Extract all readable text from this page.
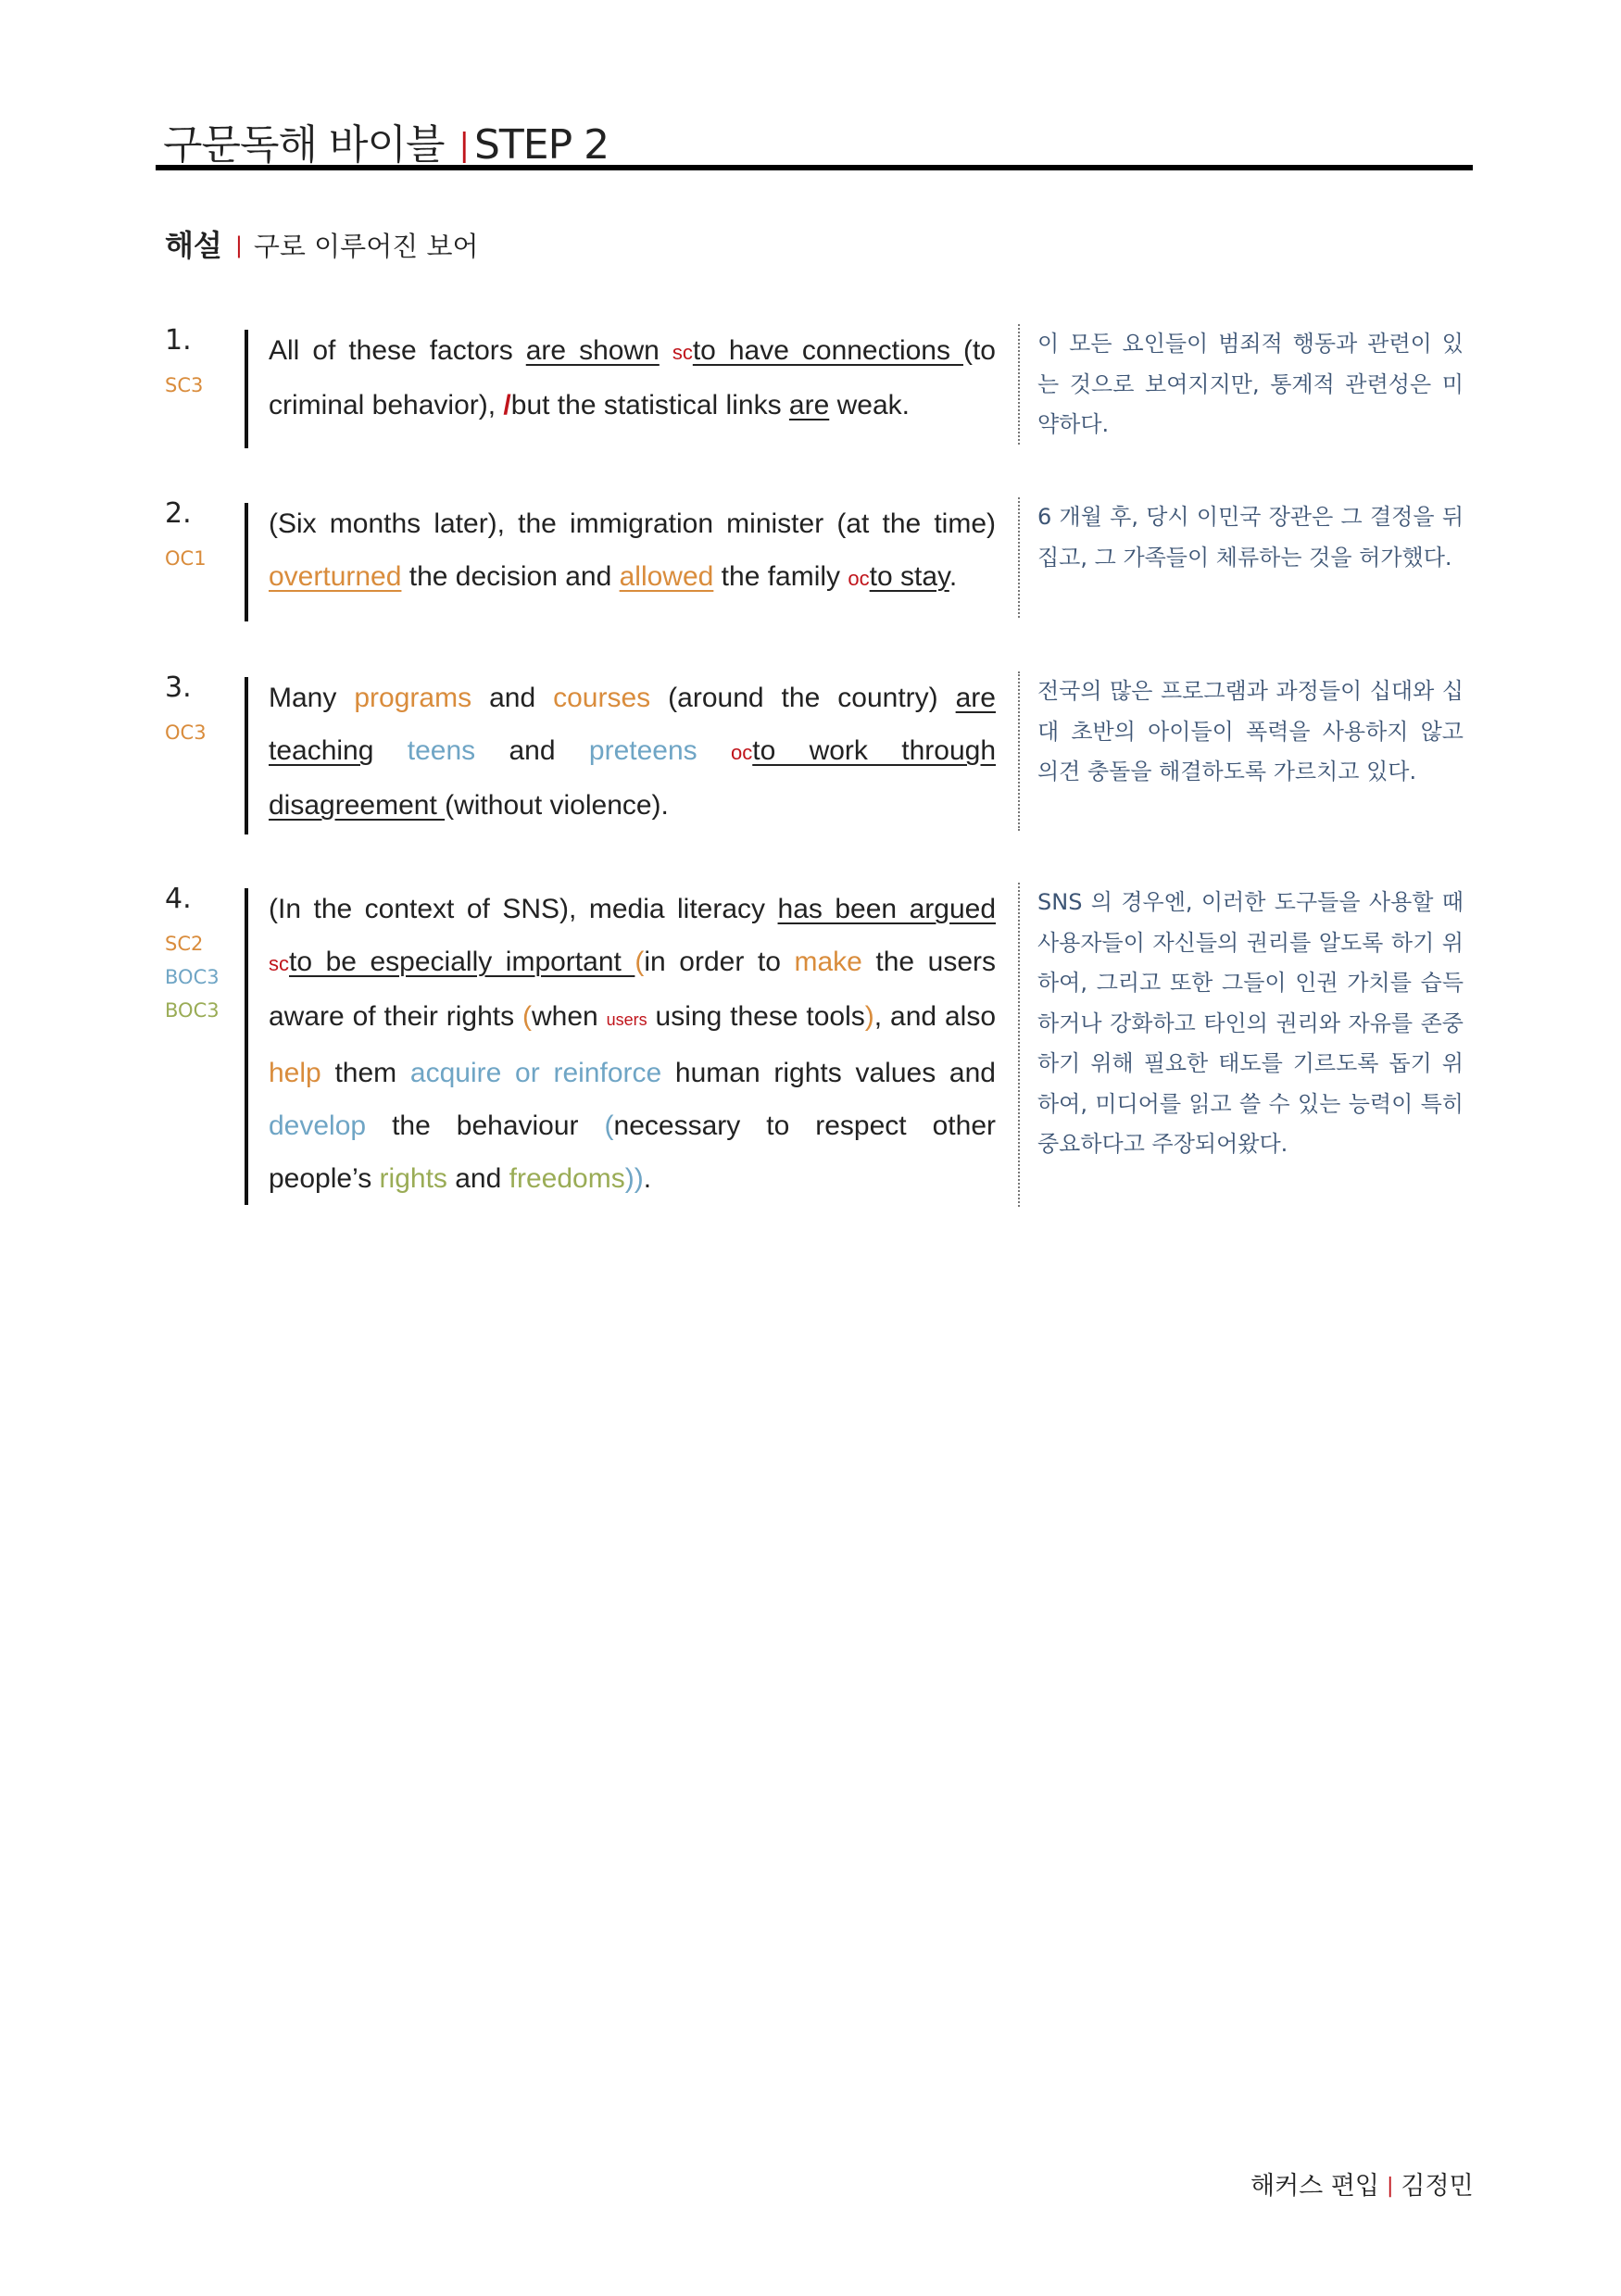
구문독해 바이블 | STEP 2
해설 | 구로 이루어진 보어
1.
SC3
All of these factors are shown scto have connections (to criminal behavior), /but the statistical links are weak.
이 모든 요인들이 범죄적 행동과 관련이 있는 것으로 보여지지만, 통계적 관련성은 미약하다.
2.
OC1
(Six months later), the immigration minister (at the time) overturned the decision and allowed the family octo stay.
6 개월 후, 당시 이민국 장관은 그 결정을 뒤집고, 그 가족들이 체류하는 것을 허가했다.
3.
OC3
Many programs and courses (around the country) are teaching teens and preteens octo work through disagreement (without violence).
전국의 많은 프로그램과 과정들이 십대와 십대 초반의 아이들이 폭력을 사용하지 않고 의견 충돌을 해결하도록 가르치고 있다.
4.
SC2
BOC3
BOC3
(In the context of SNS), media literacy has been argued scto be especially important (in order to make the users aware of their rights (when users using these tools), and also help them acquire or reinforce human rights values and develop the behaviour (necessary to respect other people’s rights and freedoms)).
SNS 의 경우엔, 이러한 도구들을 사용할 때 사용자들이 자신들의 권리를 알도록 하기 위하여, 그리고 또한 그들이 인권 가치를 습득하거나 강화하고 타인의 권리와 자유를 존중하기 위해 필요한 태도를 기르도록 돕기 위하여, 미디어를 읽고 쓸 수 있는 능력이 특히 중요하다고 주장되어왔다.
해커스 편입 | 김정민
